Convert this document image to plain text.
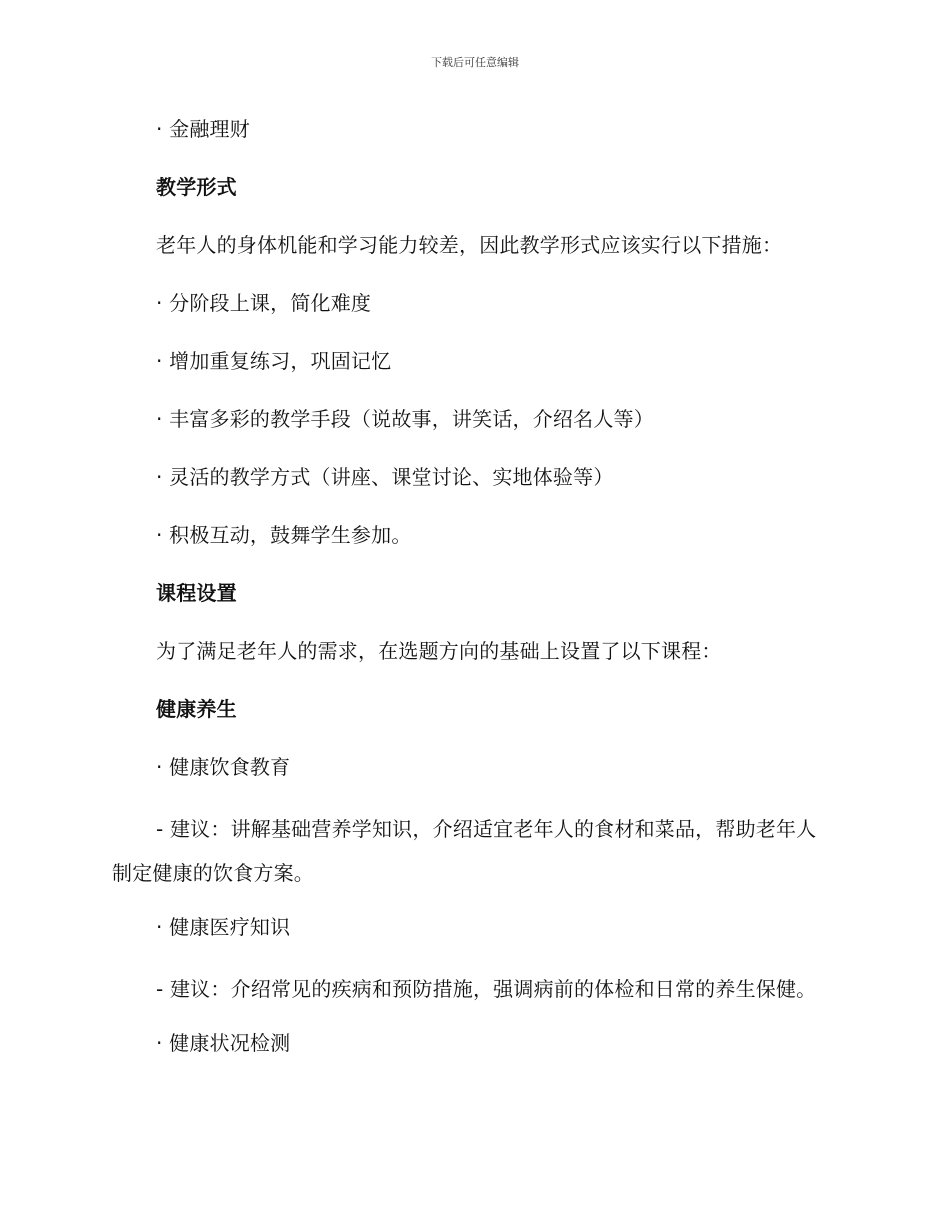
下载后可任意编辑

· 金融理财

教学形式

老年人的身体机能和学习能力较差，因此教学形式应该实行以下措施：

· 分阶段上课，简化难度

· 增加重复练习，巩固记忆

· 丰富多彩的教学手段（说故事，讲笑话，介绍名人等）

· 灵活的教学方式（讲座、课堂讨论、实地体验等）

· 积极互动，鼓舞学生参加。

课程设置

为了满足老年人的需求，在选题方向的基础上设置了以下课程：

健康养生

· 健康饮食教育

- 建议：讲解基础营养学知识，介绍适宜老年人的食材和菜品，帮助老年人制定健康的饮食方案。

· 健康医疗知识

- 建议：介绍常见的疾病和预防措施，强调病前的体检和日常的养生保健。

· 健康状况检测
